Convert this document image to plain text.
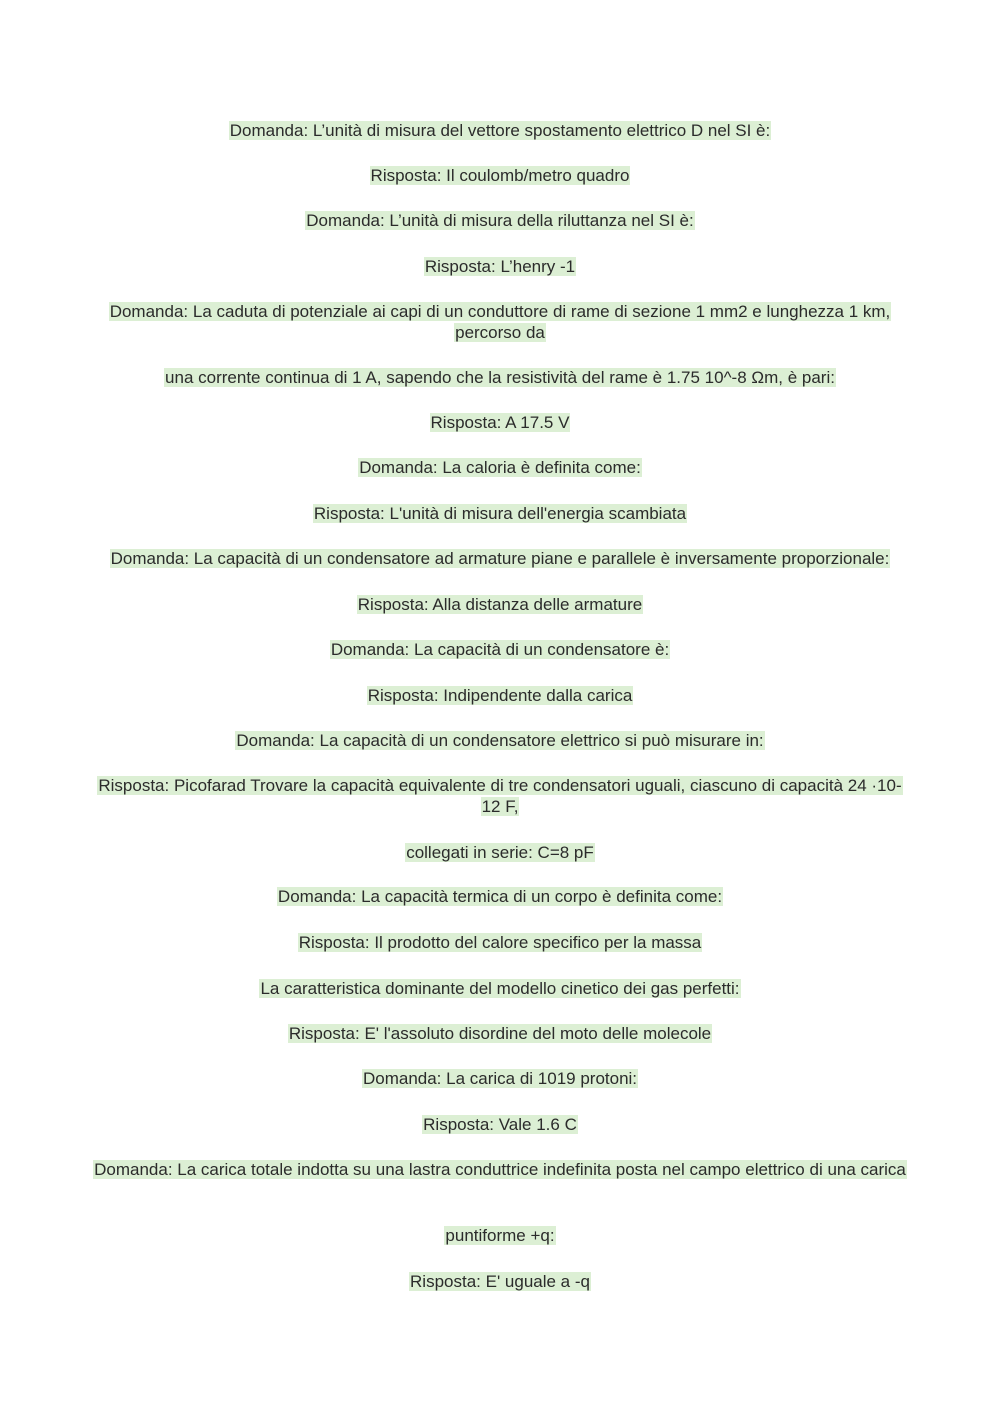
Domanda: L’unità di misura del vettore spostamento elettrico D nel SI è:

Risposta: Il coulomb/metro quadro

Domanda: L’unità di misura della riluttanza nel SI è:

Risposta: L’henry -1

Domanda: La caduta di potenziale ai capi di un conduttore di rame di sezione 1 mm2 e lunghezza 1 km, percorso da

una corrente continua di 1 A, sapendo che la resistività del rame è 1.75 10^-8 Ωm, è pari:

Risposta: A 17.5 V

Domanda: La caloria è definita come:

Risposta: L'unità di misura dell'energia scambiata

Domanda: La capacità di un condensatore ad armature piane e parallele è inversamente proporzionale:

Risposta: Alla distanza delle armature

Domanda: La capacità di un condensatore è:

Risposta: Indipendente dalla carica

Domanda: La capacità di un condensatore elettrico si può misurare in:

Risposta: Picofarad Trovare la capacità equivalente di tre condensatori uguali, ciascuno di capacità 24 ·10-12 F,

collegati in serie: C=8 pF

Domanda: La capacità termica di un corpo è definita come:

Risposta: Il prodotto del calore specifico per la massa

La caratteristica dominante del modello cinetico dei gas perfetti:

Risposta: E' l'assoluto disordine del moto delle molecole

Domanda: La carica di 1019 protoni:

Risposta: Vale 1.6 C

Domanda: La carica totale indotta su una lastra conduttrice indefinita posta nel campo elettrico di una carica

puntiforme +q:

Risposta: E' uguale a -q
